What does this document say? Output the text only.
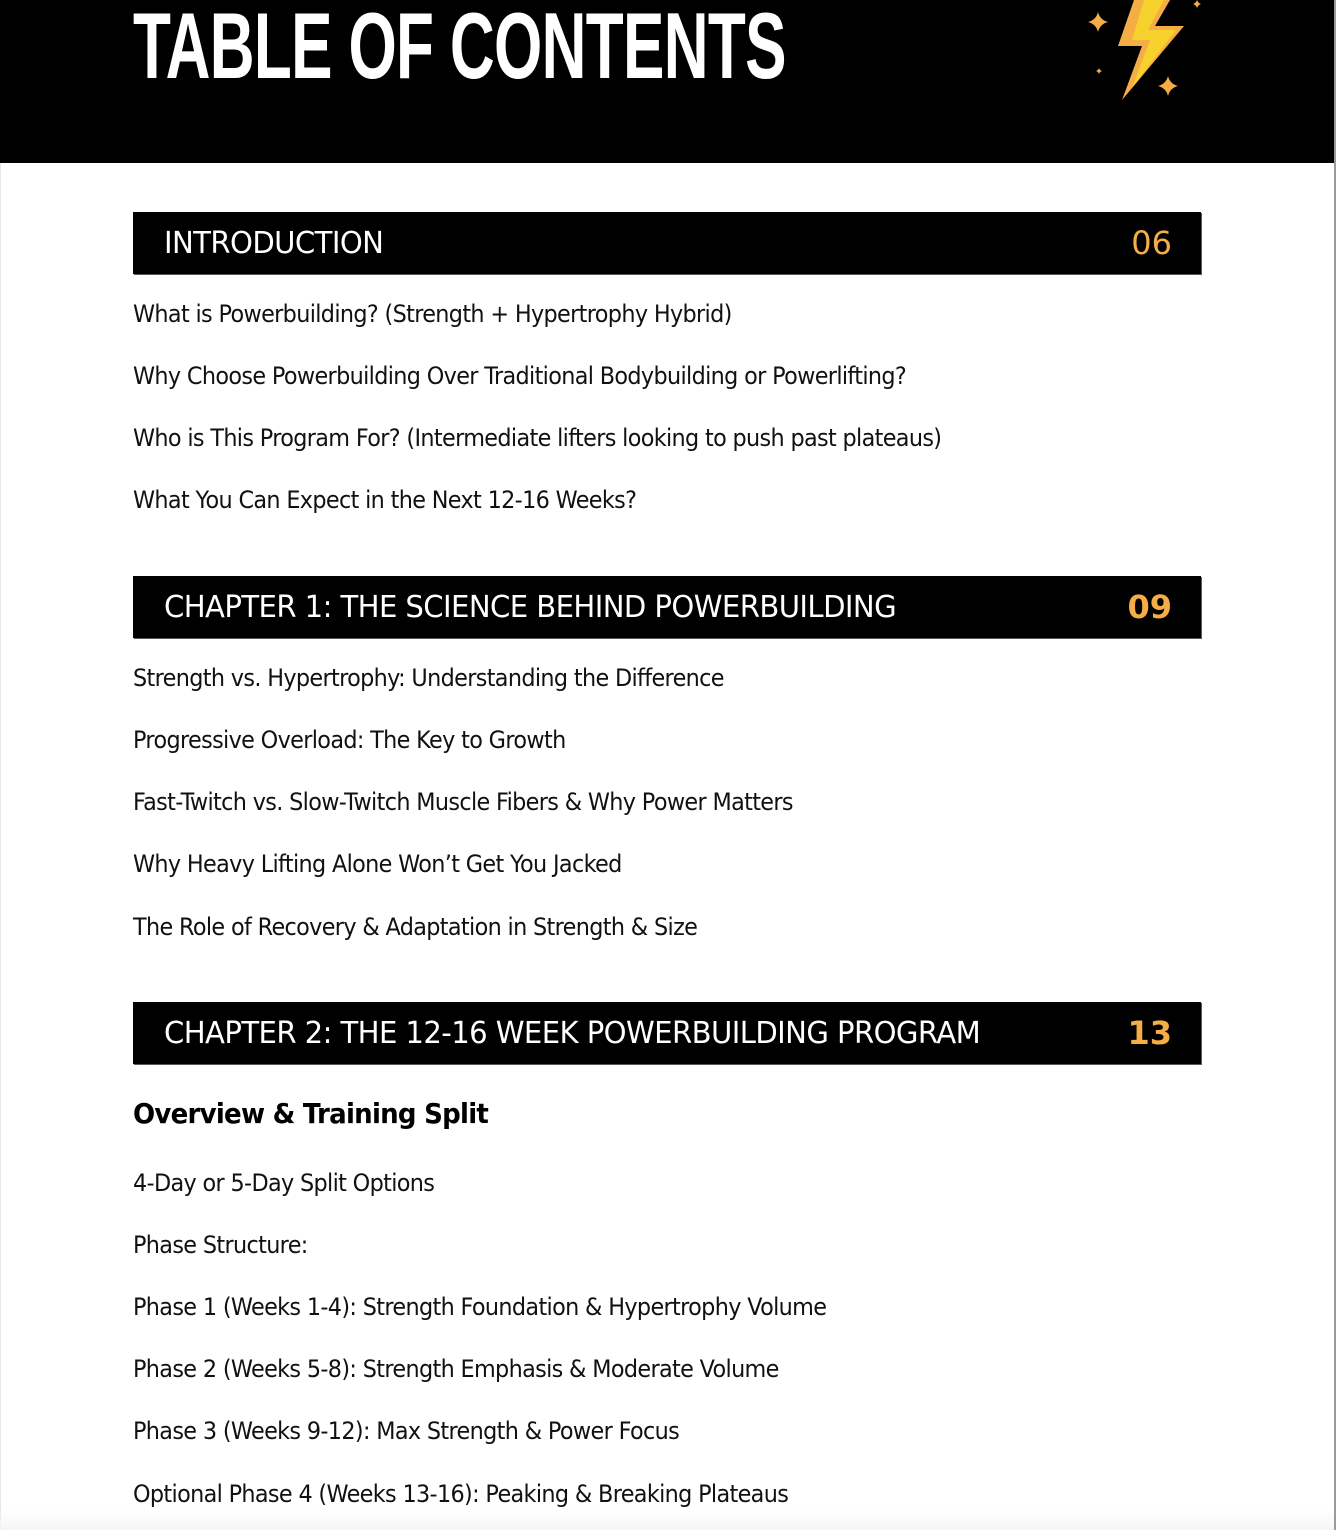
TABLE OF CONTENTS
INTRODUCTION	06
What is Powerbuilding? (Strength + Hypertrophy Hybrid)
Why Choose Powerbuilding Over Traditional Bodybuilding or Powerlifting?
Who is This Program For? (Intermediate lifters looking to push past plateaus)
What You Can Expect in the Next 12-16 Weeks?
CHAPTER 1: THE SCIENCE BEHIND POWERBUILDING	09
Strength vs. Hypertrophy: Understanding the Difference
Progressive Overload: The Key to Growth
Fast-Twitch vs. Slow-Twitch Muscle Fibers & Why Power Matters
Why Heavy Lifting Alone Won’t Get You Jacked
The Role of Recovery & Adaptation in Strength & Size
CHAPTER 2: THE 12-16 WEEK POWERBUILDING PROGRAM	13
Overview & Training Split
4-Day or 5-Day Split Options
Phase Structure:
Phase 1 (Weeks 1-4): Strength Foundation & Hypertrophy Volume
Phase 2 (Weeks 5-8): Strength Emphasis & Moderate Volume
Phase 3 (Weeks 9-12): Max Strength & Power Focus
Optional Phase 4 (Weeks 13-16): Peaking & Breaking Plateaus
